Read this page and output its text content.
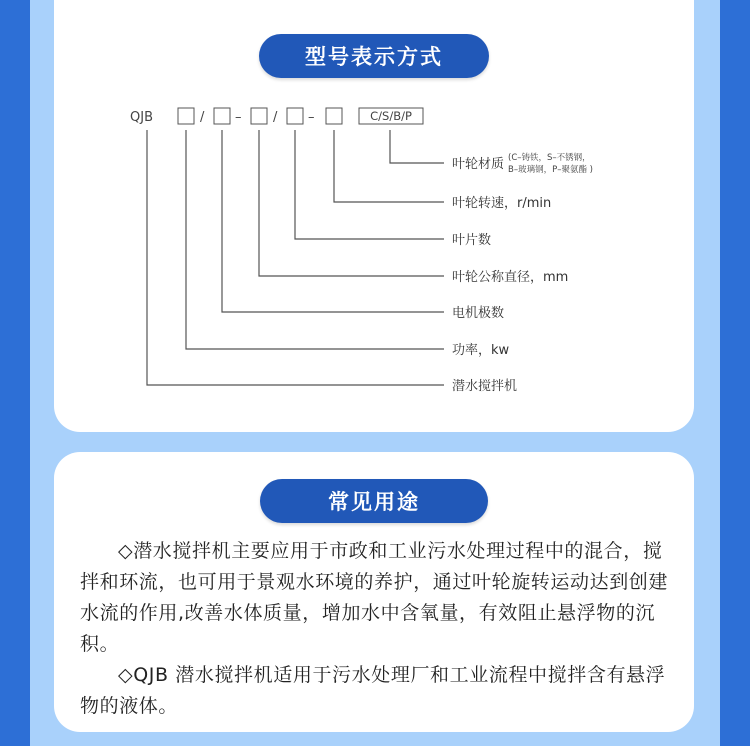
型号表示方式
QJB	/ – / –	C/S/B/P
叶轮材质 (C–铸铁，S–不锈钢，
B–玻璃钢，P–聚氨酯 )
叶轮转速，r/min
叶片数
叶轮公称直径，mm
电机极数
功率，kw
潜水搅拌机
常见用途
◇潜水搅拌机主要应用于市政和工业污水处理过程中的混合，搅拌和环流，也可用于景观水环境的养护，通过叶轮旋转运动达到创建水流的作用,改善水体质量，增加水中含氧量，有效阻止悬浮物的沉积。
◇QJB 潜水搅拌机适用于污水处理厂和工业流程中搅拌含有悬浮物的液体。
